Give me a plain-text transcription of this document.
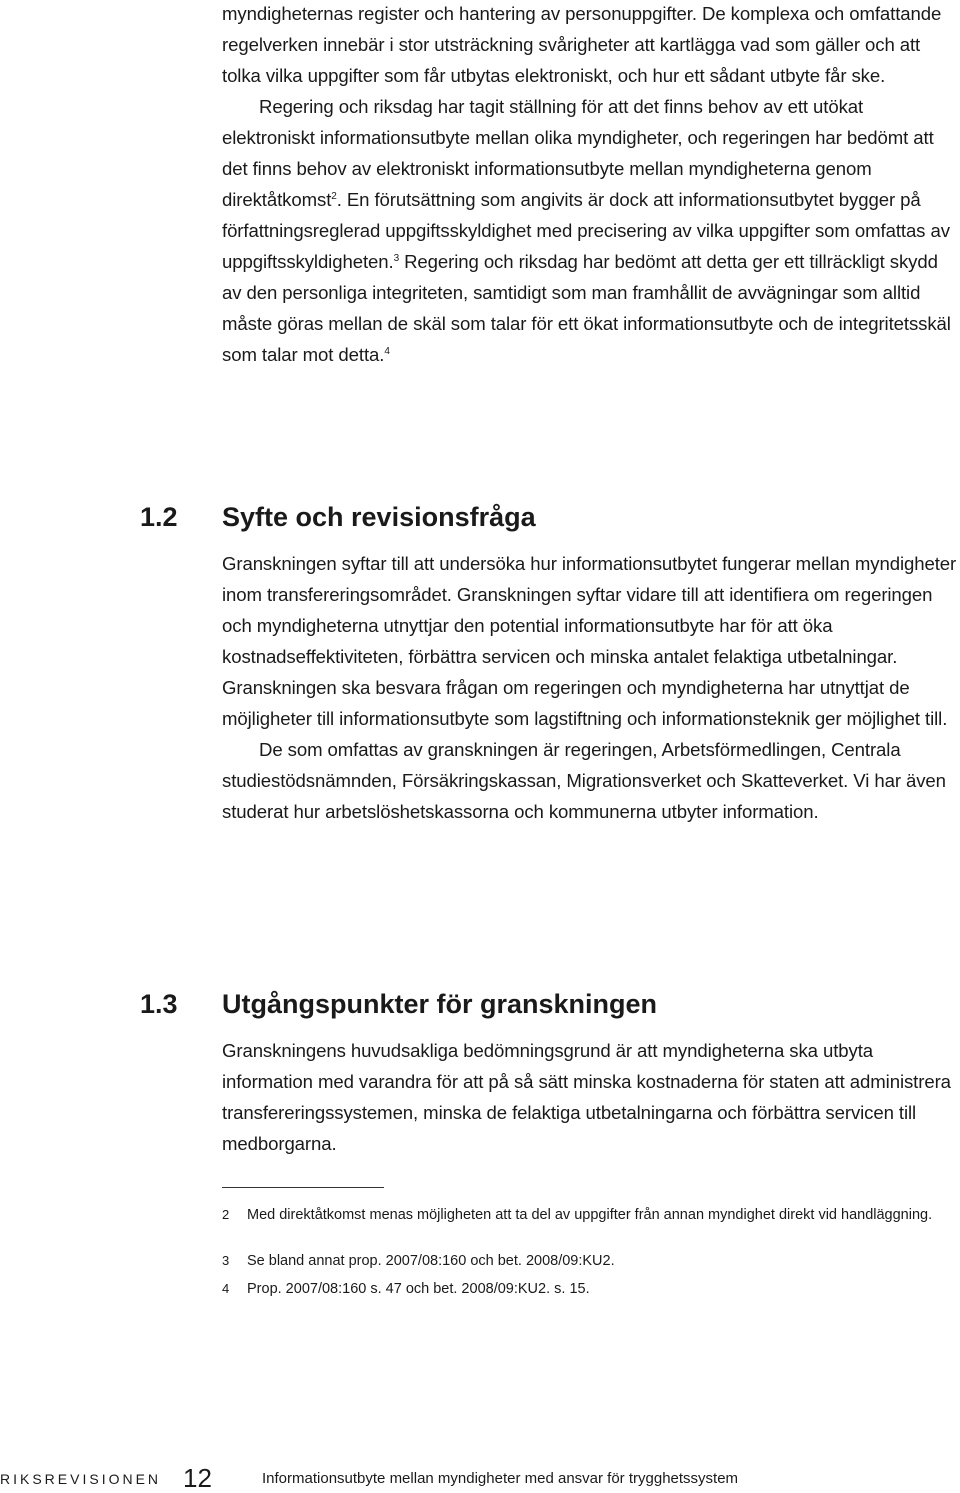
myndigheternas register och hantering av personuppgifter. De komplexa och omfattande regelverken innebär i stor utsträckning svårigheter att kartlägga vad som gäller och att tolka vilka uppgifter som får utbytas elektroniskt, och hur ett sådant utbyte får ske.

Regering och riksdag har tagit ställning för att det finns behov av ett utökat elektroniskt informationsutbyte mellan olika myndigheter, och regeringen har bedömt att det finns behov av elektroniskt informationsutbyte mellan myndigheterna genom direktåtkomst$^2$. En förutsättning som angivits är dock att informationsutbytet bygger på författningsreglerad uppgiftsskyldighet med precisering av vilka uppgifter som omfattas av uppgiftsskyldigheten.$^3$ Regering och riksdag har bedömt att detta ger ett tillräckligt skydd av den personliga integriteten, samtidigt som man framhållit de avvägningar som alltid måste göras mellan de skäl som talar för ett ökat informationsutbyte och de integritetsskäl som talar mot detta.$^4$

1.2 Syfte och revisionsfråga

Granskningen syftar till att undersöka hur informationsutbytet fungerar mellan myndigheter inom transfereringsområdet. Granskningen syftar vidare till att identifiera om regeringen och myndigheterna utnyttjar den potential informationsutbyte har för att öka kostnadseffektiviteten, förbättra servicen och minska antalet felaktiga utbetalningar. Granskningen ska besvara frågan om regeringen och myndigheterna har utnyttjat de möjligheter till informationsutbyte som lagstiftning och informationsteknik ger möjlighet till.

De som omfattas av granskningen är regeringen, Arbetsförmedlingen, Centrala studiestödsnämnden, Försäkringskassan, Migrationsverket och Skatteverket. Vi har även studerat hur arbetslöshetskassorna och kommunerna utbyter information.

1.3 Utgångspunkter för granskningen

Granskningens huvudsakliga bedömningsgrund är att myndigheterna ska utbyta information med varandra för att på så sätt minska kostnaderna för staten att administrera transfereringssystemen, minska de felaktiga utbetalningarna och förbättra servicen till medborgarna.

2 Med direktåtkomst menas möjligheten att ta del av uppgifter från annan myndighet direkt vid handläggning.
3 Se bland annat prop. 2007/08:160 och bet. 2008/09:KU2.
4 Prop. 2007/08:160 s. 47 och bet. 2008/09:KU2. s. 15.
RIKSREVISIONEN 12	Informationsutbyte mellan myndigheter med ansvar för trygghetssystem
